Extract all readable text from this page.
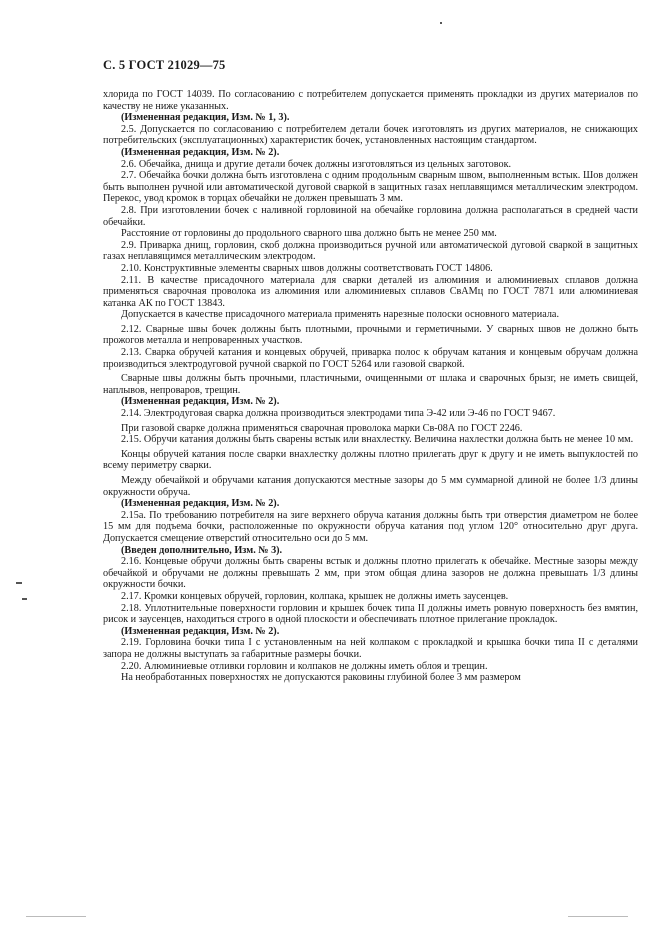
С. 5 ГОСТ 21029—75

хлорида по ГОСТ 14039. По согласованию с потребителем допускается применять прокладки из других материалов по качеству не ниже указанных.

(Измененная редакция, Изм. № 1, 3).

2.5. Допускается по согласованию с потребителем детали бочек изготовлять из других материалов, не снижающих потребительских (эксплуатационных) характеристик бочек, установленных настоящим стандартом.

(Измененная редакция, Изм. № 2).

2.6. Обечайка, днища и другие детали бочек должны изготовляться из цельных заготовок.

2.7. Обечайка бочки должна быть изготовлена с одним продольным сварным швом, выполненным встык. Шов должен быть выполнен ручной или автоматической дуговой сваркой в защитных газах неплавящимся металлическим электродом. Перекос, увод кромок в торцах обечайки не должен превышать 3 мм.

2.8. При изготовлении бочек с наливной горловиной на обечайке горловина должна располагаться в средней части обечайки.

Расстояние от горловины до продольного сварного шва должно быть не менее 250 мм.

2.9. Приварка днищ, горловин, скоб должна производиться ручной или автоматической дуговой сваркой в защитных газах неплавящимся металлическим электродом.

2.10. Конструктивные элементы сварных швов должны соответствовать ГОСТ 14806.

2.11. В качестве присадочного материала для сварки деталей из алюминия и алюминиевых сплавов должна применяться сварочная проволока из алюминия или алюминиевых сплавов СвАМц по ГОСТ 7871 или алюминиевая катанка АК по ГОСТ 13843.

Допускается в качестве присадочного материала применять нарезные полоски основного материала.

2.12. Сварные швы бочек должны быть плотными, прочными и герметичными. У сварных швов не должно быть прожогов металла и непроваренных участков.

2.13. Сварка обручей катания и концевых обручей, приварка полос к обручам катания и концевым обручам должна производиться электродуговой ручной сваркой по ГОСТ 5264 или газовой сваркой.

Сварные швы должны быть прочными, пластичными, очищенными от шлака и сварочных брызг, не иметь свищей, наплывов, непроваров, трещин.

(Измененная редакция, Изм. № 2).

2.14. Электродуговая сварка должна производиться электродами типа Э-42 или Э-46 по ГОСТ 9467.

При газовой сварке должна применяться сварочная проволока марки Св-08А по ГОСТ 2246.

2.15. Обручи катания должны быть сварены встык или внахлестку. Величина нахлестки должна быть не менее 10 мм.

Концы обручей катания после сварки внахлестку должны плотно прилегать друг к другу и не иметь выпуклостей по всему периметру сварки.

Между обечайкой и обручами катания допускаются местные зазоры до 5 мм суммарной длиной не более 1/3 длины окружности обруча.

(Измененная редакция, Изм. № 2).

2.15а. По требованию потребителя на зиге верхнего обруча катания должны быть три отверстия диаметром не более 15 мм для подъема бочки, расположенные по окружности обруча катания под углом 120° относительно друг друга. Допускается смещение отверстий относительно оси до 5 мм.

(Введен дополнительно, Изм. № 3).

2.16. Концевые обручи должны быть сварены встык и должны плотно прилегать к обечайке. Местные зазоры между обечайкой и обручами не должны превышать 2 мм, при этом общая длина зазоров не должна превышать 1/3 длины окружности бочки.

2.17. Кромки концевых обручей, горловин, колпака, крышек не должны иметь заусенцев.

2.18. Уплотнительные поверхности горловин и крышек бочек типа II должны иметь ровную поверхность без вмятин, рисок и заусенцев, находиться строго в одной плоскости и обеспечивать плотное прилегание прокладок.

(Измененная редакция, Изм. № 2).

2.19. Горловина бочки типа I с установленным на ней колпаком с прокладкой и крышка бочки типа II с деталями запора не должны выступать за габаритные размеры бочки.

2.20. Алюминиевые отливки горловин и колпаков не должны иметь облоя и трещин.

На необработанных поверхностях не допускаются раковины глубиной более 3 мм размером
